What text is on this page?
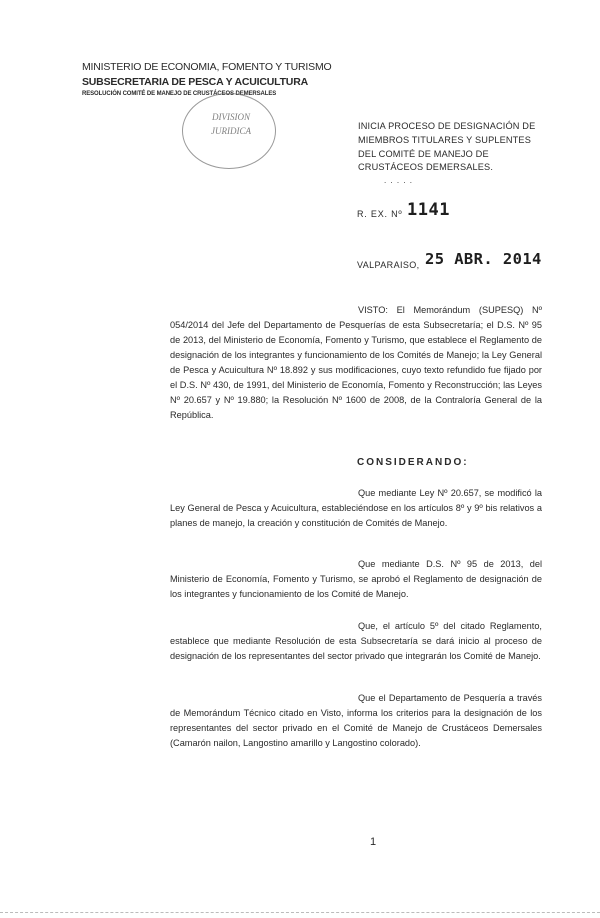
MINISTERIO DE ECONOMIA, FOMENTO Y TURISMO
SUBSECRETARIA DE PESCA Y ACUICULTURA
RESOLUCIÓN COMITÉ DE MANEJO DE CRUSTÁCEOS DEMERSALES
DIVISION
JURIDICA	INICIA PROCESO DE DESIGNACIÓN DE MIEMBROS TITULARES Y SUPLENTES DEL COMITÉ DE MANEJO DE CRUSTÁCEOS DEMERSALES.
. . . . .
R. EX. Nº 1141
VALPARAISO, 25 ABR. 2014
VISTO: El Memorándum (SUPESQ) Nº 054/2014 del Jefe del Departamento de Pesquerías de esta Subsecretaría; el D.S. Nº 95 de 2013, del Ministerio de Economía, Fomento y Turismo, que establece el Reglamento de designación de los integrantes y funcionamiento de los Comités de Manejo; la Ley General de Pesca y Acuicultura Nº 18.892 y sus modificaciones, cuyo texto refundido fue fijado por el D.S. Nº 430, de 1991, del Ministerio de Economía, Fomento y Reconstrucción; las Leyes Nº 20.657 y Nº 19.880; la Resolución Nº 1600 de 2008, de la Contraloría General de la República.
CONSIDERANDO:
Que mediante Ley Nº 20.657, se modificó la Ley General de Pesca y Acuicultura, estableciéndose en los artículos 8º y 9º bis relativos a planes de manejo, la creación y constitución de Comités de Manejo.
Que mediante D.S. Nº 95 de 2013, del Ministerio de Economía, Fomento y Turismo, se aprobó el Reglamento de designación de los integrantes y funcionamiento de los Comité de Manejo.
Que, el artículo 5º del citado Reglamento, establece que mediante Resolución de esta Subsecretaría se dará inicio al proceso de designación de los representantes del sector privado que integrarán los Comité de Manejo.
Que el Departamento de Pesquería a través de Memorándum Técnico citado en Visto, informa los criterios para la designación de los representantes del sector privado en el Comité de Manejo de Crustáceos Demersales (Camarón nailon, Langostino amarillo y Langostino colorado).
1
